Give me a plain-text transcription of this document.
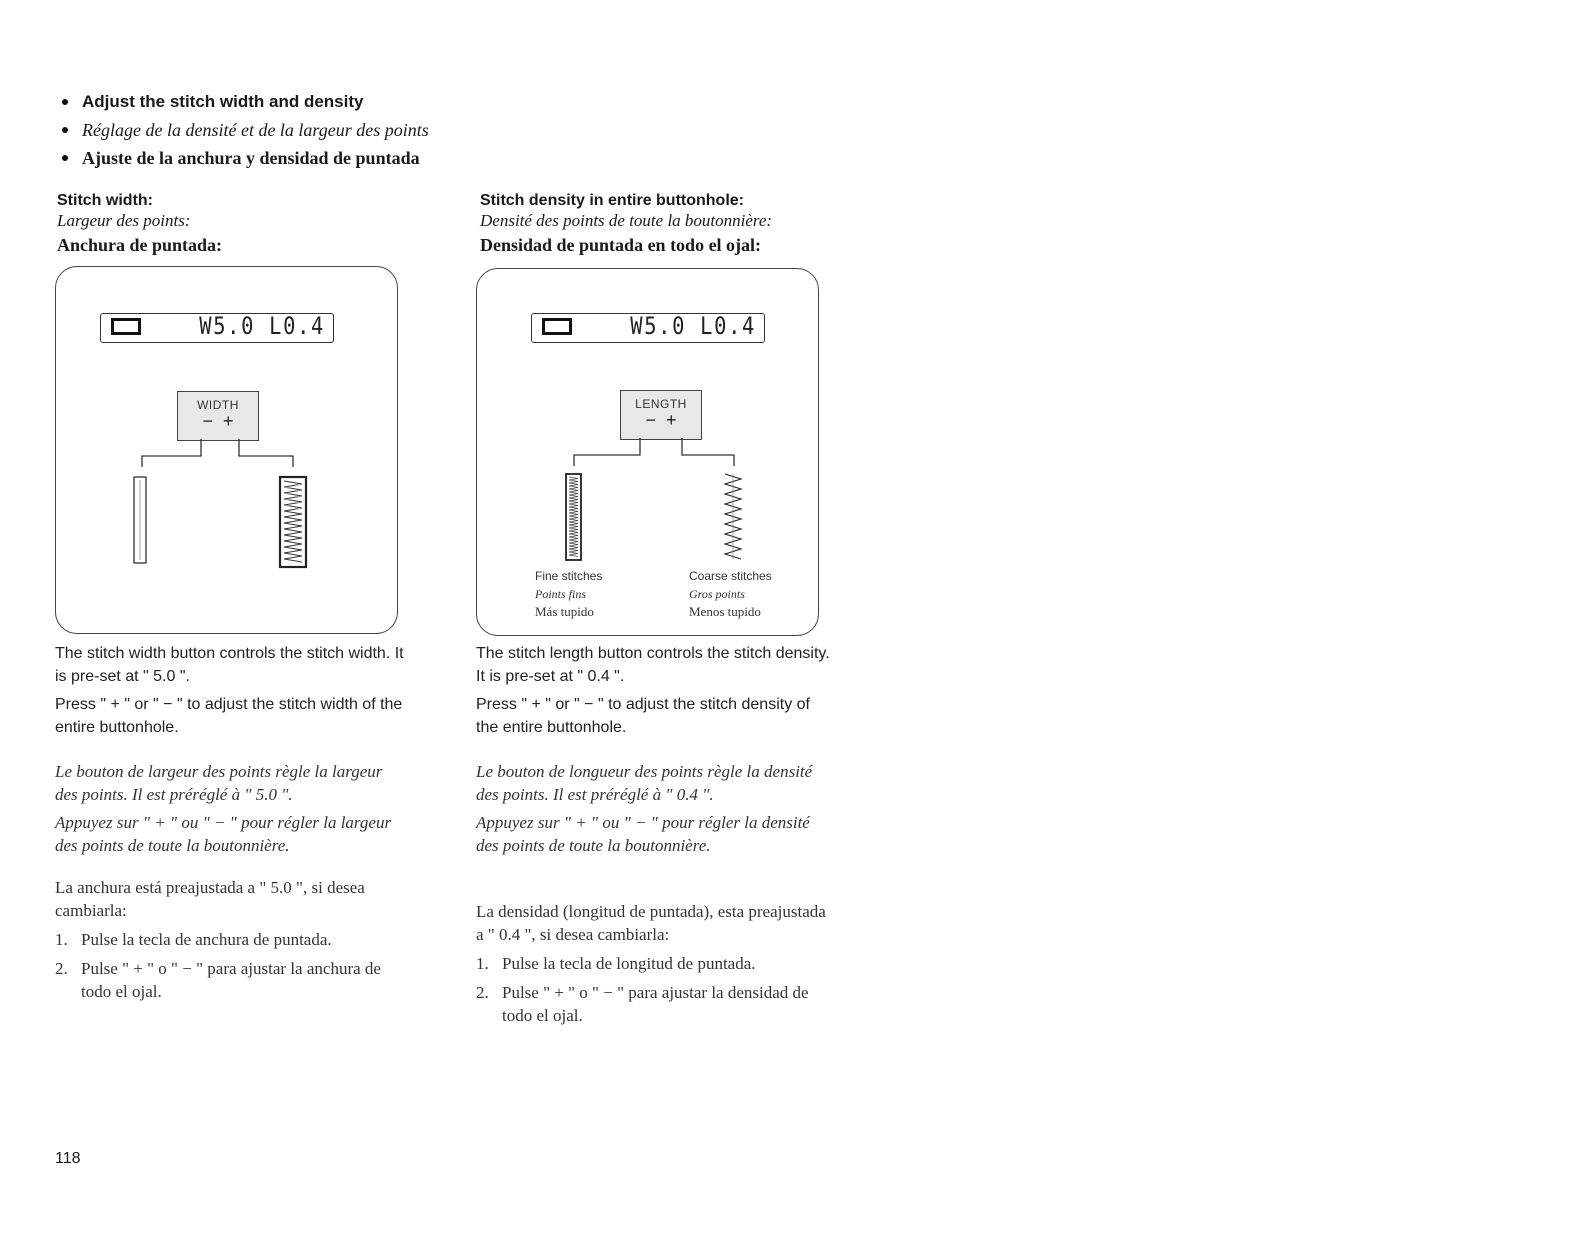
Adjust the stitch width and density
Réglage de la densité et de la largeur des points
Ajuste de la anchura y densidad de puntada
Stitch width:
Largeur des points:
Anchura de puntada:
W5.0 L0.4
WIDTH
− +

The stitch width button controls the stitch width. It is pre-set at " 5.0 ".

Press " + " or " − " to adjust the stitch width of the entire buttonhole.

Le bouton de largeur des points règle la largeur des points. Il est préréglé à " 5.0 ".

Appuyez sur " + " ou " − " pour régler la largeur des points de toute la boutonnière.

La anchura está preajustada a " 5.0 ", si desea cambiarla:

1. Pulse la tecla de anchura de puntada.

2. Pulse " + " o " − " para ajustar la anchura de todo el ojal.

Stitch density in entire buttonhole:
Densité des points de toute la boutonnière:
Densidad de puntada en todo el ojal:
W5.0 L0.4
LENGTH
− +
Fine stitches
Points fins
Más tupido
Coarse stitches
Gros points
Menos tupido

The stitch length button controls the stitch density. It is pre-set at " 0.4 ".

Press " + " or " − " to adjust the stitch density of the entire buttonhole.

Le bouton de longueur des points règle la densité des points. Il est préréglé à " 0.4 ".

Appuyez sur " + " ou " − " pour régler la densité des points de toute la boutonnière.

La densidad (longitud de puntada), esta preajustada a " 0.4 ", si desea cambiarla:

1. Pulse la tecla de longitud de puntada.

2. Pulse " + " o " − " para ajustar la densidad de todo el ojal.

118
